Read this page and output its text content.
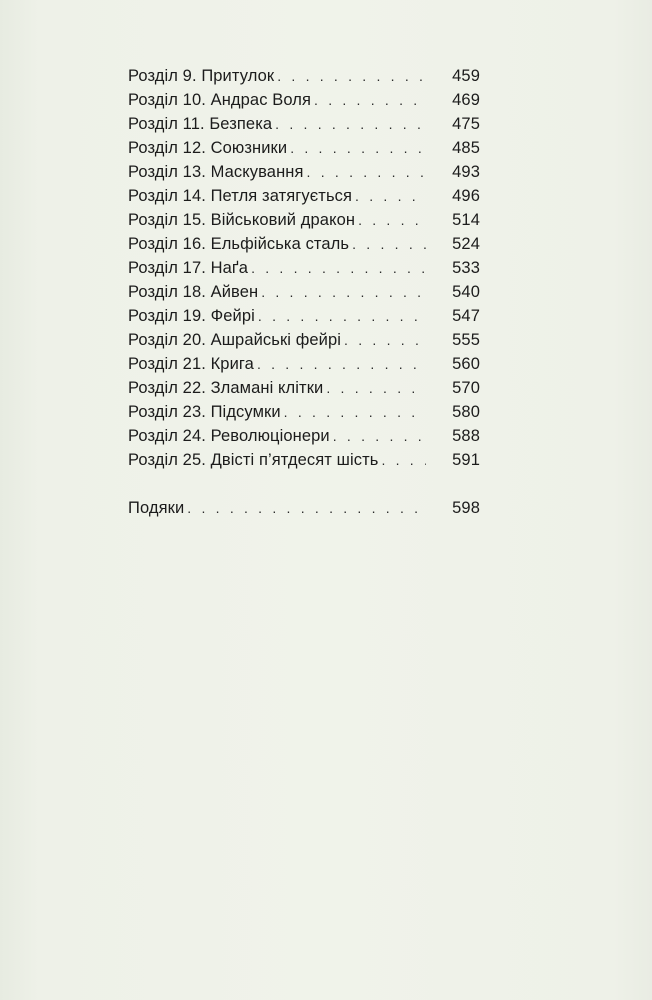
Розділ 9. Притулок . . .	459
Розділ 10. Андрас Воля . . .	469
Розділ 11. Безпека . . .	475
Розділ 12. Союзники . . .	485
Розділ 13. Маскування . . .	493
Розділ 14. Петля затягується . . .	496
Розділ 15. Військовий дракон . . .	514
Розділ 16. Ельфійська сталь . . .	524
Розділ 17. Наґа . . .	533
Розділ 18. Айвен . . .	540
Розділ 19. Фейрі . . .	547
Розділ 20. Ашрайські фейрі . . .	555
Розділ 21. Крига . . .	560
Розділ 22. Зламані клітки . . .	570
Розділ 23. Підсумки . . .	580
Розділ 24. Революціонери . . .	588
Розділ 25. Двісті п’ятдесят шість . . .	591
Подяки . . .	598
